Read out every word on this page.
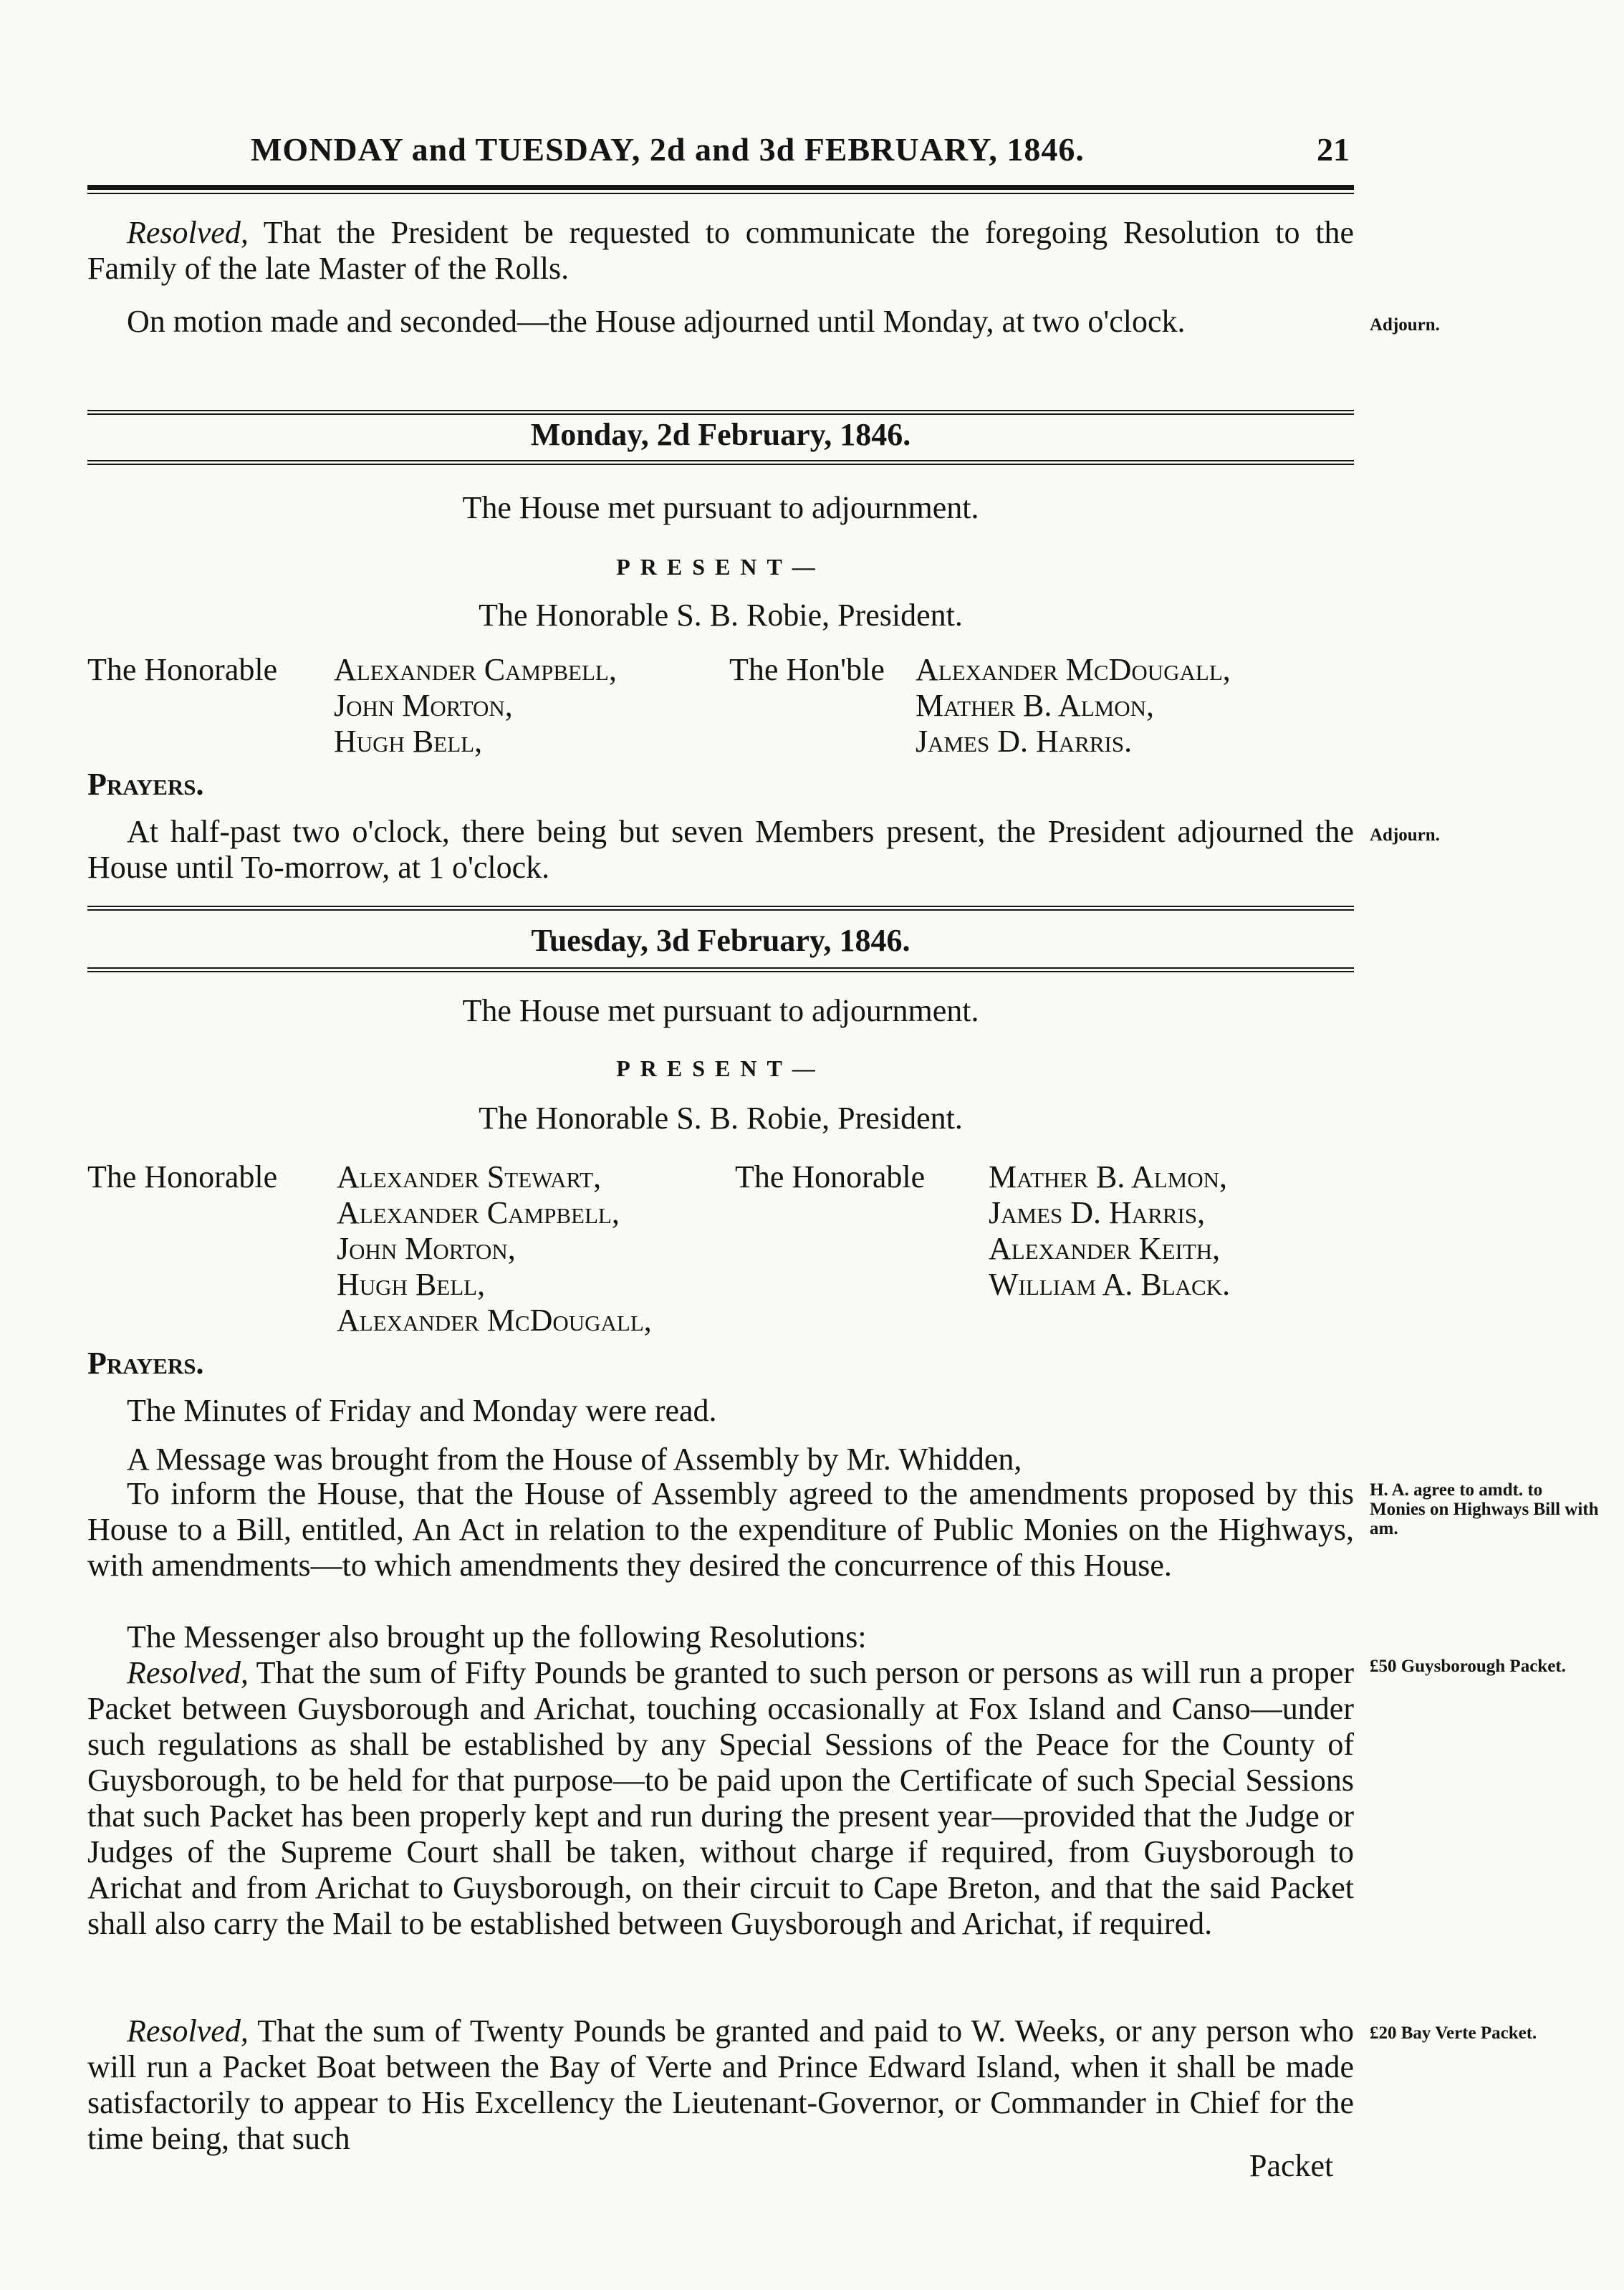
MONDAY and TUESDAY, 2d and 3d FEBRUARY, 1846.	21
Resolved, That the President be requested to communicate the foregoing Resolution to the Family of the late Master of the Rolls.
On motion made and seconded—the House adjourned until Monday, at two o'clock.	Adjourn.
Monday, 2d February, 1846.
The House met pursuant to adjournment.
PRESENT—
The Honorable S. B. Robie, President.
The Honorable Alexander Campbell,
John Morton,
Hugh Bell,
The Hon'ble Alexander McDougall,
Mather B. Almon,
James D. Harris.
Prayers.
At half-past two o'clock, there being but seven Members present, the President adjourned the House until To-morrow, at 1 o'clock.
Adjourn.
Tuesday, 3d February, 1846.
The House met pursuant to adjournment.
PRESENT—
The Honorable S. B. Robie, President.
The Honorable Alexander Stewart,
Alexander Campbell,
John Morton,
Hugh Bell,
Alexander McDougall,
The Honorable Mather B. Almon,
James D. Harris,
Alexander Keith,
William A. Black.
Prayers.
The Minutes of Friday and Monday were read.
A Message was brought from the House of Assembly by Mr. Whidden,
To inform the House, that the House of Assembly agreed to the amendments proposed by this House to a Bill, entitled, An Act in relation to the expenditure of Public Monies on the Highways, with amendments—to which amendments they desired the concurrence of this House.
H. A. agree to amdt. to Monies on Highways Bill with am.
The Messenger also brought up the following Resolutions:
Resolved, That the sum of Fifty Pounds be granted to such person or persons as will run a proper Packet between Guysborough and Arichat, touching occasionally at Fox Island and Canso—under such regulations as shall be established by any Special Sessions of the Peace for the County of Guysborough, to be held for that purpose—to be paid upon the Certificate of such Special Sessions that such Packet has been properly kept and run during the present year—provided that the Judge or Judges of the Supreme Court shall be taken, without charge if required, from Guysborough to Arichat and from Arichat to Guysborough, on their circuit to Cape Breton, and that the said Packet shall also carry the Mail to be established between Guysborough and Arichat, if required.
£50 Guysborough Packet.
Resolved, That the sum of Twenty Pounds be granted and paid to W. Weeks, or any person who will run a Packet Boat between the Bay of Verte and Prince Edward Island, when it shall be made satisfactorily to appear to His Excellency the Lieutenant-Governor, or Commander in Chief for the time being, that such
£20 Bay Verte Packet.
Packet
